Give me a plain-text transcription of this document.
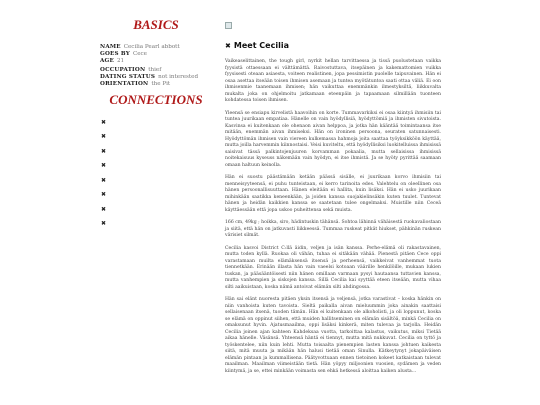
BASICS
NAME Cecilia Pearl abbott
GOES BY Cece
AGE 21
OCCUPATION thief
DATING STATUS not interested
ORIENTATION the Pit
CONNECTIONS
✖
✖
✖
✖
✖
✖
✖
✖
✖ Meet Cecilia

Vaikeaselittainen, the tough girl, nyrkit hellan tarvittaessa ja tissä puolustetaan vaikka fyysistä ottaessaan ei välttämättä. Raivostuttava, itsepäinen ja kakemattomien vuikka fyysisesti oteaan asiaesta, voiteen realistinen, jopa pessimistin puolelle taipuvainen. Hän ei osaa asettaa itseään toisen ihmisen asemaan ja tuntea myötätuntoa saati ottaa väliä. Ei oon ihmisenmie taanemaan ihmisen; hän vaikuttaa enemmänkin ilmestyksiltä, liikkuvalta mukalta joka on ohjelmoitu jatkamaan eteenpäin ja tapaamaan silmillään tuonteen kohdatessa toisen ihmisen.

Yleensä se ensiapu kirvelistä haavoihin on korte. Tummavarkiksi ei osaa kiintyä ihmisiin tai tuntea juurikaan empatiaa. Hänelle on vain hyödyllisiä, hyödyttömiä ja ihmisten sivutoista. Kasvinsa ei kuitenkaan ole ohenaon aivan helppoa, ja jotka hän kääntää toimintaansa itse mitään, enemmän aivan ihmiseksi. Hän on ironinen persoona, seuraten satunnaisesti. Hyödyttömän ihmisen vain viereen kulkemassa hahmoja joita saattaa työyksikköön käyttää, mutta joilla harvemmin kiinnostaisi. Veisi kuviteltu, että hyödyllisiksi luokitelluissa ihmisissä saisivat tässä palkintojenjuuren korvamman pokaalia, mutta sellaisissa ihmisissä noitekaisuus kyseuss näkemään vain hyödyn, ei itse ihmistä. Ja se hyöty pyrittää saamaan omaan haltuun keinolla.

Hän ei suostu päästämään ketään päässä sisälle, ei juurikaan korvo ihmisiin tai menneisyyteensä, ei puhu tunteistaan, ei kerro tarinoita edes. Valehtelu on oleellinen osa hänen persoonallisuuttaan. Hänen eleitään ei hallita, kuin lisäksi. Hän ei usko juurikaan mihinkään saatikka keneenkään, ja joiden kanssa suojakielinsäkin kuten tuulet. Tuntevat hänen ja heidän kaikkien kanssa se saatetaan tulee ongelmaksi. Muistille niin Ceceä käyttäessään että jopa uskoo puheittensa sekä muista.

166 cm, 49kg ; hoikka, siro, hädintuskin tähänsä. Sohtoa lähinnä vähäisestä ruokavaliostaan ja siitä, että hän on jatkuvasti liikkeessä. Tummaa ruskeat pitkät hiukset, pähkinän ruskean värisiet silmät.

Cecilia kasvoi District C:llä äidin, veljen ja isän kanssa. Perhe-elämä oli rakastavainen, mutta toden kyllä. Ruokaa oli vähän, tuhaa ei sitäkään vähää. Pienestä pitäen Cece oppi varastamaan muilta elämäksensä itsensä ja perheensä, vaikkeivat vanhemmat tuota tiennetkään. Erinään illasta hän vain vaeelsi kotoaan väärille henkilöille, mukaan lukien tuskan, ja pääsääntöisesti niin hänen omillaan varmaan pysyi hautaansa tuttavien kanssa, mutta vanhempien ja siskojen kanssa. Sillä Cecilia kai syyttää eteen itseään, mutta vihaa silti aaikuistaan, koska nämä antoivat elämän silti ahdingossa.

Hän sai elänt nuoresta pitäen yksin itsensä ja veljensä, jotka varastivat – koska hänkin on niin vanhoista kuten tavoista. Sieltä paikalla aivan mieluummin joka ainakin saattaisi sellaisenaan itsenä, tuoden tämän. Hän ei kuitenkaan ole alkoholisti, ja oli loppunut, koska se elämä on oppinut siihen, että muiden hallitseminen on elämän sisältöä, minkä Cecilia on omaksunut hyvin. Ajatusmaailma, oppi lisäksi kinkerä, miten tulevaa ja tarjolla. Heidän Cecilia joinen ajan kahteen Kahdeksaa vuotta, tarkoittaa kalastus, vaikutus, miksi Tietää aikaa hänelle. Väsänsä. Yhteensä häntä ei tiennyt, mutta mitä nukkuvat. Cecilia on tyttö ja työskentelee, niin kuin lehti. Mutta toisaalta pienempien lasten kanssa johtuen kaikesta siitä, mitä muuta ja mikään hän halusi tietää oman Sinulla. Kätkeytynyt jokapäiväisen elämän pintaan ja kummallisena. Päätyvottuaan ennen tietoinen kokeet katkaistaan tulevat maailman. Maailman viimeistään tietä. Hän yöpyy miljoonien vuosien, sydämen ja veden kiintymä, ja se, ettei minkään voimasta sen ehkä hetkessä aloittaa kaiken alusta...
